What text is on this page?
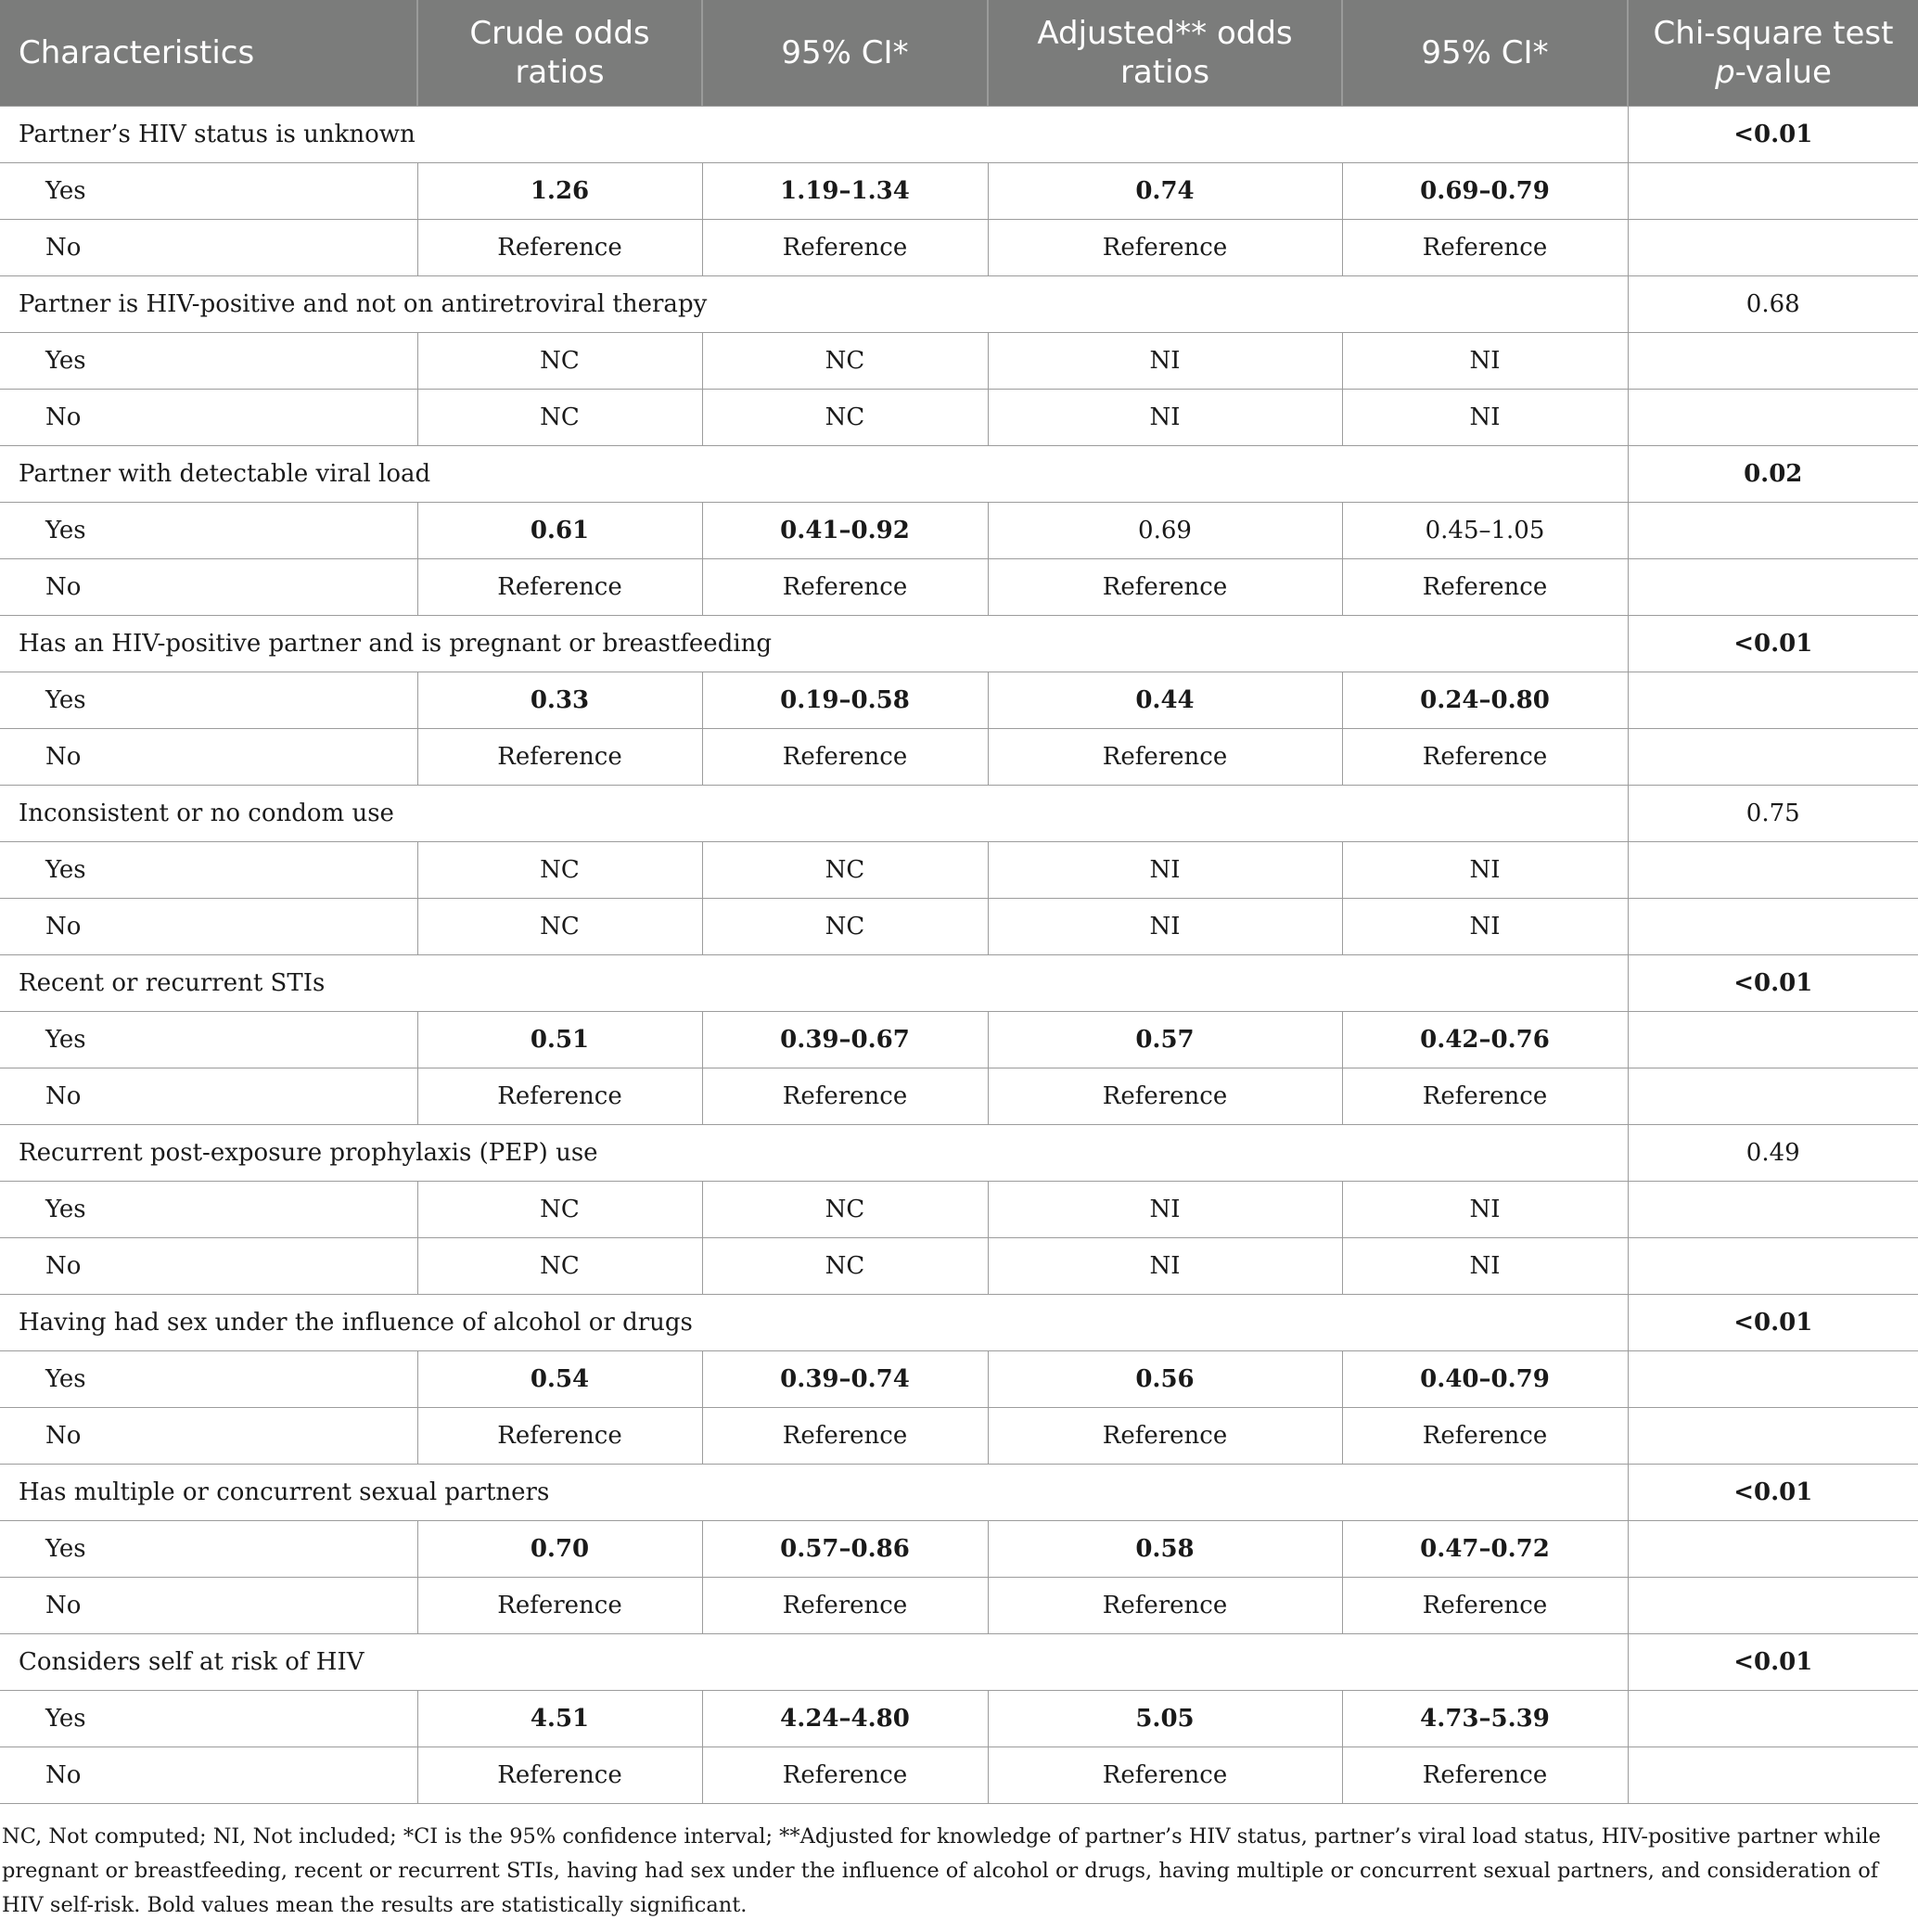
Characteristics	Crude odds ratios	95% CI*	Adjusted** odds ratios	95% CI*	Chi-square test p-value
Partner’s HIV status is unknown					<0.01
Yes	1.26	1.19–1.34	0.74	0.69–0.79	
No	Reference	Reference	Reference	Reference	
Partner is HIV-positive and not on antiretroviral therapy					0.68
Yes	NC	NC	NI	NI	
No	NC	NC	NI	NI	
Partner with detectable viral load					0.02
Yes	0.61	0.41–0.92	0.69	0.45–1.05	
No	Reference	Reference	Reference	Reference	
Has an HIV-positive partner and is pregnant or breastfeeding					<0.01
Yes	0.33	0.19–0.58	0.44	0.24–0.80	
No	Reference	Reference	Reference	Reference	
Inconsistent or no condom use					0.75
Yes	NC	NC	NI	NI	
No	NC	NC	NI	NI	
Recent or recurrent STIs					<0.01
Yes	0.51	0.39–0.67	0.57	0.42–0.76	
No	Reference	Reference	Reference	Reference	
Recurrent post-exposure prophylaxis (PEP) use					0.49
Yes	NC	NC	NI	NI	
No	NC	NC	NI	NI	
Having had sex under the influence of alcohol or drugs					<0.01
Yes	0.54	0.39–0.74	0.56	0.40–0.79	
No	Reference	Reference	Reference	Reference	
Has multiple or concurrent sexual partners					<0.01
Yes	0.70	0.57–0.86	0.58	0.47–0.72	
No	Reference	Reference	Reference	Reference	
Considers self at risk of HIV					<0.01
Yes	4.51	4.24–4.80	5.05	4.73–5.39	
No	Reference	Reference	Reference	Reference	

NC, Not computed; NI, Not included; *CI is the 95% confidence interval; **Adjusted for knowledge of partner’s HIV status, partner’s viral load status, HIV-positive partner while pregnant or breastfeeding, recent or recurrent STIs, having had sex under the influence of alcohol or drugs, having multiple or concurrent sexual partners, and consideration of HIV self-risk. Bold values mean the results are statistically significant.
